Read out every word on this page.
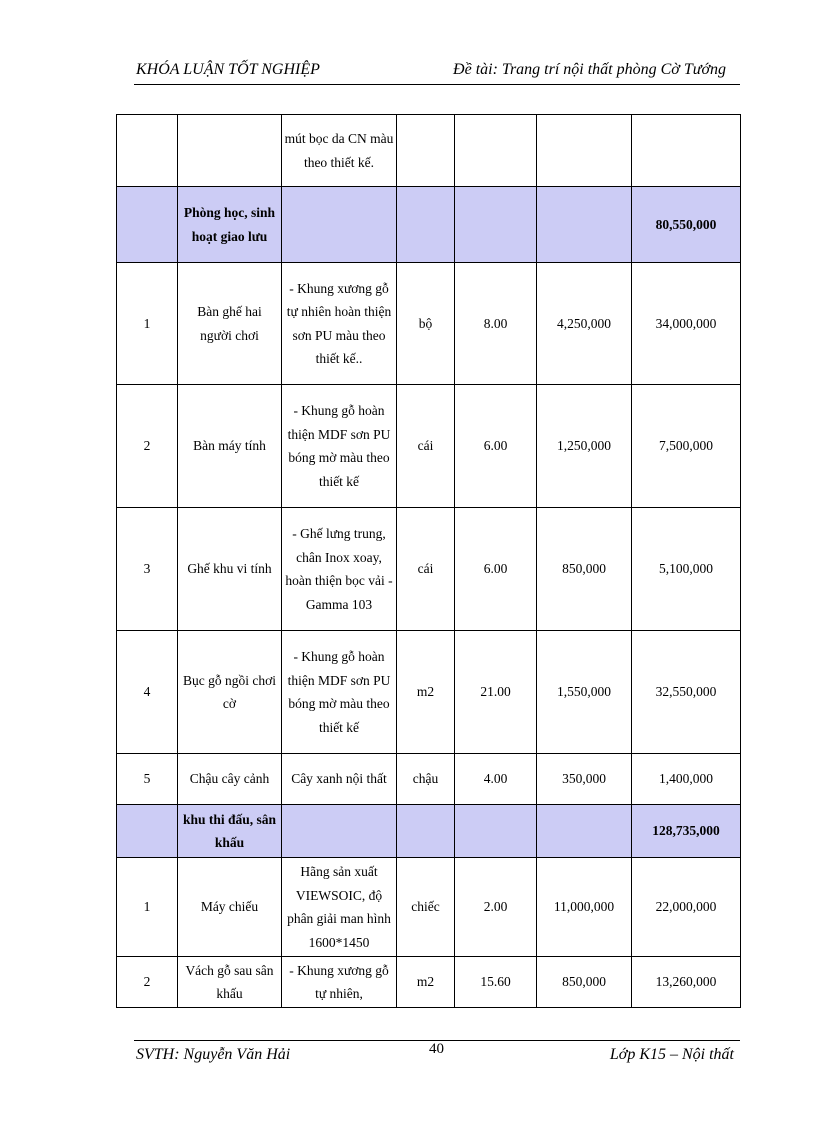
KHÓA LUẬN TỐT NGHIỆP	Đề tài: Trang trí nội thất phòng Cờ Tướng
		mút bọc da CN màu theo thiết kế.				
	Phòng học, sinh hoạt giao lưu					80,550,000
1	Bàn ghế hai người chơi	- Khung xương gỗ tự nhiên hoàn thiện sơn PU màu theo thiết kế..	bộ	8.00	4,250,000	34,000,000
2	Bàn máy tính	- Khung gỗ hoàn thiện MDF sơn PU bóng mờ màu theo thiết kế	cái	6.00	1,250,000	7,500,000
3	Ghế khu vi tính	- Ghế lưng trung, chân Inox xoay, hoàn thiện bọc vải - Gamma 103	cái	6.00	850,000	5,100,000
4	Bục gỗ ngồi chơi cờ	- Khung gỗ hoàn thiện MDF sơn PU bóng mờ màu theo thiết kế	m2	21.00	1,550,000	32,550,000
5	Chậu cây cảnh	Cây xanh nội thất	chậu	4.00	350,000	1,400,000
	khu thi đấu, sân khấu					128,735,000
1	Máy chiếu	Hãng sản xuất VIEWSOIC, độ phân giải man hình 1600*1450	chiếc	2.00	11,000,000	22,000,000
2	Vách gỗ sau sân khấu	- Khung xương gỗ tự nhiên,	m2	15.60	850,000	13,260,000
SVTH: Nguyễn Văn Hải	40	Lớp K15 – Nội thất
